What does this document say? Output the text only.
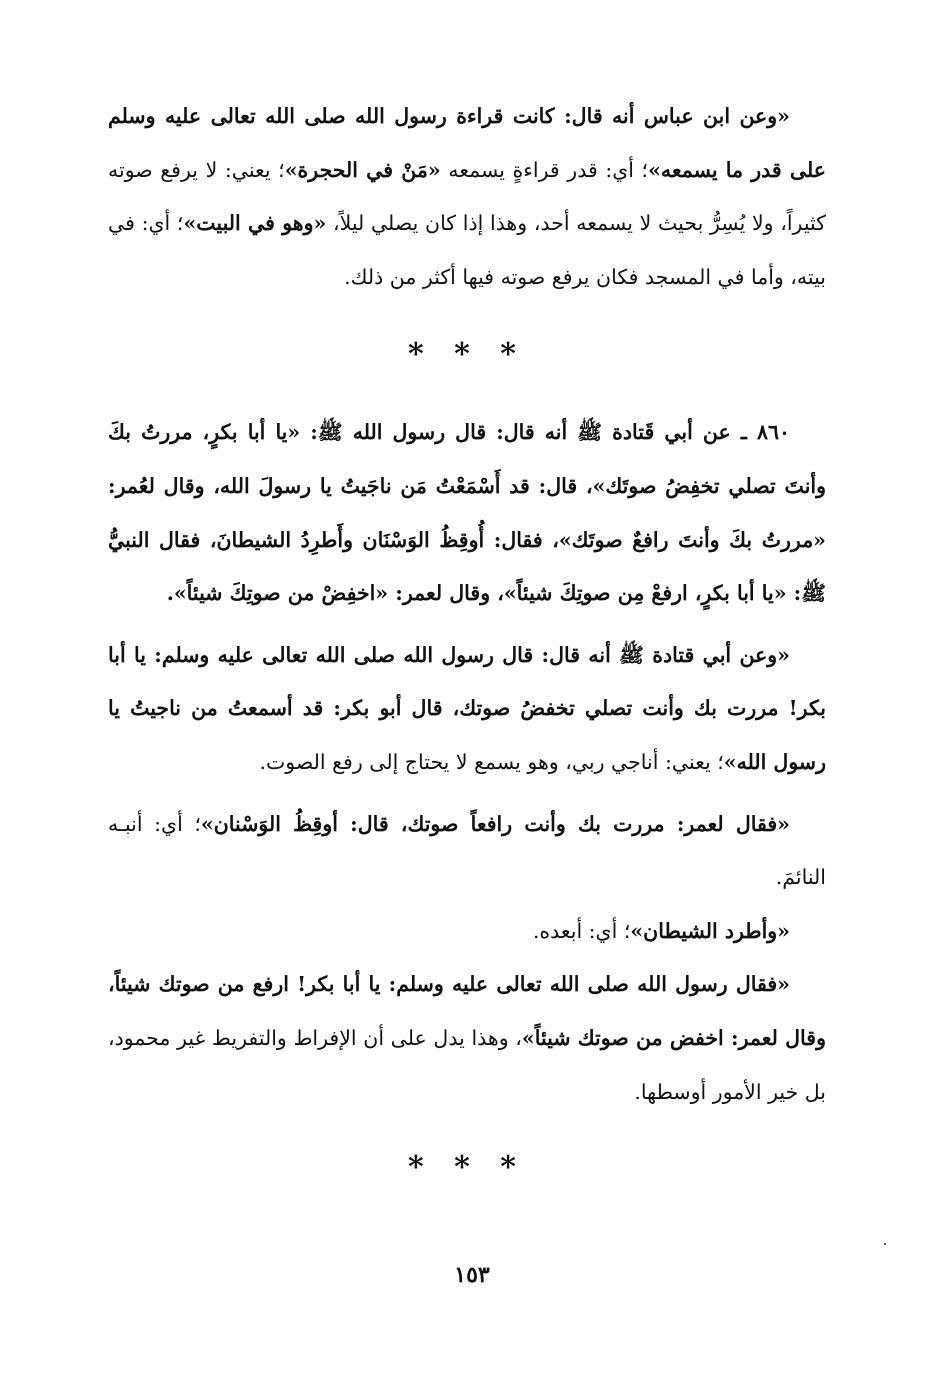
«وعن ابن عباس أنه قال: كانت قراءة رسول الله صلى الله تعالى عليه وسلم على قدر ما يسمعه»؛ أي: قدر قراءةٍ يسمعه «مَنْ في الحجرة»؛ يعني: لا يرفع صوته كثيراً، ولا يُسِرُّ بحيث لا يسمعه أحد، وهذا إذا كان يصلي ليلاً، «وهو في البيت»؛ أي: في بيته، وأما في المسجد فكان يرفع صوته فيها أكثر من ذلك.

* * *

٨٦٠ ـ عن أبي قَتادة ﷺ أنه قال: قال رسول الله ﷺ: «يا أبا بكرٍ، مررتُ بكَ وأنتَ تصلي تخفِضُ صوتَك»، قال: قد أَسْمَعْتُ مَن ناجَيتُ يا رسولَ الله، وقال لعُمر: «مررتُ بكَ وأنتَ رافعٌ صوتَك»، فقال: أُوقِظُ الوَسْنَان وأَطرِدُ الشيطانَ، فقال النبيُّ ﷺ: «يا أبا بكرٍ، ارفعْ مِن صوتِكَ شيئاً»، وقال لعمر: «اخفِضْ من صوتِكَ شيئاً».

«وعن أبي قتادة ﷺ أنه قال: قال رسول الله صلى الله تعالى عليه وسلم: يا أبا بكر! مررت بك وأنت تصلي تخفضُ صوتك، قال أبو بكر: قد أسمعتُ من ناجيتُ يا رسول الله»؛ يعني: أناجي ربي، وهو يسمع لا يحتاج إلى رفع الصوت.

«فقال لعمر: مررت بك وأنت رافعاً صوتك، قال: أوقِظُ الوَسْنان»؛ أي: أنبـه النائمَ.

«وأطرد الشيطان»؛ أي: أبعده.

«فقال رسول الله صلى الله تعالى عليه وسلم: يا أبا بكر! ارفع من صوتك شيئاً، وقال لعمر: اخفض من صوتك شيئاً»، وهذا يدل على أن الإفراط والتفريط غير محمود، بل خير الأمور أوسطها.

* * *
١٥٣
